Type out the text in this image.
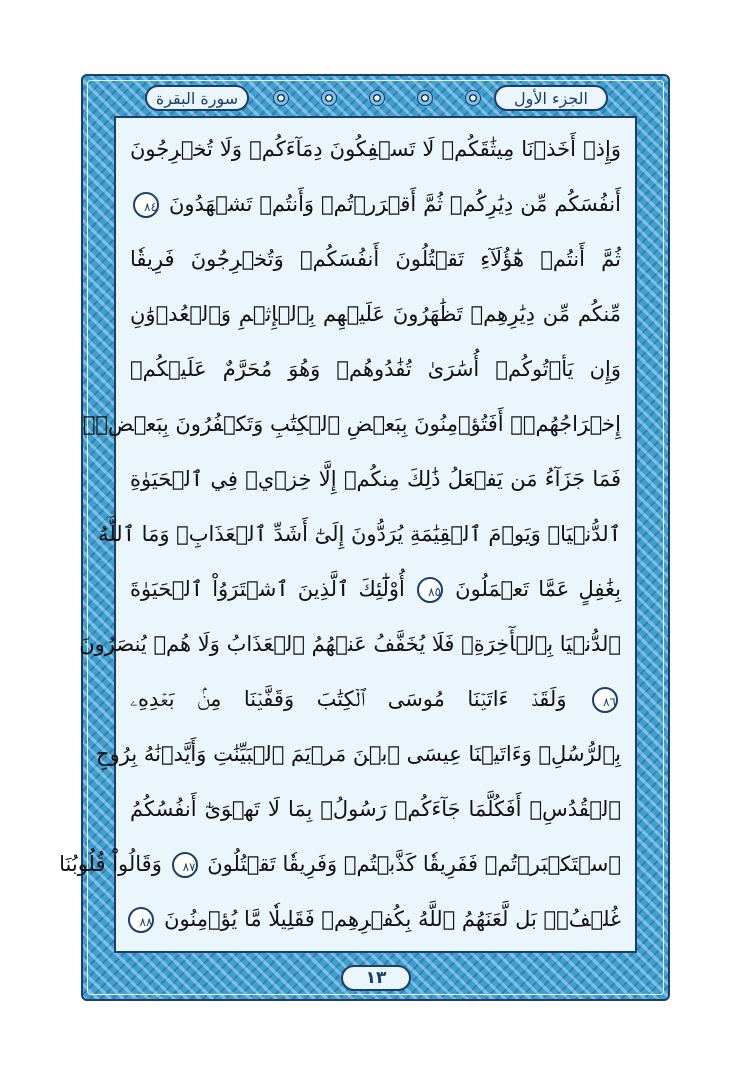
سورة البقرة	الجزء الأول
وَإِذۡ أَخَذۡنَا مِيثَٰقَكُمۡ لَا تَسۡفِكُونَ دِمَآءَكُمۡ وَلَا تُخۡرِجُونَ
أَنفُسَكُم مِّن دِيَٰرِكُمۡ ثُمَّ أَقۡرَرۡتُمۡ وَأَنتُمۡ تَشۡهَدُونَ ٨٤
ثُمَّ أَنتُمۡ هَٰٓؤُلَآءِ تَقۡتُلُونَ أَنفُسَكُمۡ وَتُخۡرِجُونَ فَرِيقٗا
مِّنكُم مِّن دِيَٰرِهِمۡ تَظَٰهَرُونَ عَلَيۡهِم بِٱلۡإِثۡمِ وَٱلۡعُدۡوَٰنِ
وَإِن يَأۡتُوكُمۡ أُسَٰرَىٰ تُفَٰدُوهُمۡ وَهُوَ مُحَرَّمٌ عَلَيۡكُمۡ
إِخۡرَاجُهُمۡۚ أَفَتُؤۡمِنُونَ بِبَعۡضِ ٱلۡكِتَٰبِ وَتَكۡفُرُونَ بِبَعۡضٖۚ
فَمَا جَزَآءُ مَن يَفۡعَلُ ذَٰلِكَ مِنكُمۡ إِلَّا خِزۡيٞ فِي ٱلۡحَيَوٰةِ
ٱلدُّنۡيَاۖ وَيَوۡمَ ٱلۡقِيَٰمَةِ يُرَدُّونَ إِلَىٰٓ أَشَدِّ ٱلۡعَذَابِۗ وَمَا ٱللَّهُ
بِغَٰفِلٍ عَمَّا تَعۡمَلُونَ ٨٥ أُوْلَٰٓئِكَ ٱلَّذِينَ ٱشۡتَرَوُاْ ٱلۡحَيَوٰةَ
ٱلدُّنۡيَا بِٱلۡأٓخِرَةِۖ فَلَا يُخَفَّفُ عَنۡهُمُ ٱلۡعَذَابُ وَلَا هُمۡ يُنصَرُونَ
٨٦ وَلَقَدۡ ءَاتَيۡنَا مُوسَى ٱلۡكِتَٰبَ وَقَفَّيۡنَا مِنۢ بَعۡدِهِۦ
بِٱلرُّسُلِۖ وَءَاتَيۡنَا عِيسَى ٱبۡنَ مَرۡيَمَ ٱلۡبَيِّنَٰتِ وَأَيَّدۡنَٰهُ بِرُوحِ
ٱلۡقُدُسِۗ أَفَكُلَّمَا جَآءَكُمۡ رَسُولُۢ بِمَا لَا تَهۡوَىٰٓ أَنفُسُكُمُ
ٱسۡتَكۡبَرۡتُمۡ فَفَرِيقٗا كَذَّبۡتُمۡ وَفَرِيقٗا تَقۡتُلُونَ ٨٧ وَقَالُواْ قُلُوبُنَا
غُلۡفُۢۚ بَل لَّعَنَهُمُ ٱللَّهُ بِكُفۡرِهِمۡ فَقَلِيلٗا مَّا يُؤۡمِنُونَ ٨٨
١٣
